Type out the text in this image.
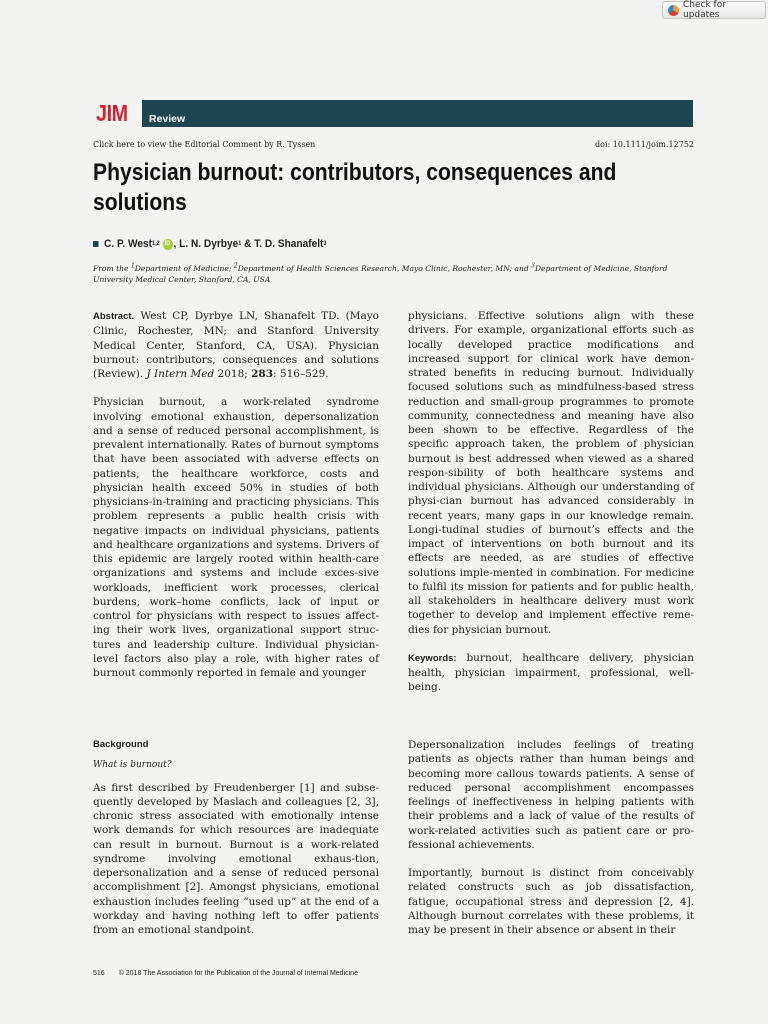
Check for updates
JIM Review
Click here to view the Editorial Comment by R. Tyssen	doi: 10.1111/joim.12752
Physician burnout: contributors, consequences and
solutions
C. P. West 1,2 iD , L. N. Dyrbye 1 & T. D. Shanafelt 3

From the $^1$Department of Medicine; $^2$Department of Health Sciences Research, Mayo Clinic, Rochester, MN; and $^3$Department of Medicine, Stanford University Medical Center, Stanford, CA, USA

Abstract. West CP, Dyrbye LN, Shanafelt TD. (Mayo Clinic, Rochester, MN; and Stanford University Medical Center, Stanford, CA, USA). Physician burnout: contributors, consequences and solutions (Review). J Intern Med 2018; 283: 516–529.

Physician burnout, a work-related syndrome involving emotional exhaustion, depersonalization and a sense of reduced personal accomplishment, is prevalent internationally. Rates of burnout symptoms that have been associated with adverse effects on patients, the healthcare workforce, costs and physician health exceed 50% in studies of both physicians-in-training and practicing physicians. This problem represents a public health crisis with negative impacts on individual physicians, patients and healthcare organizations and systems. Drivers of this epidemic are largely rooted within health-care organizations and systems and include exces-sive workloads, inefficient work processes, clerical burdens, work–home conflicts, lack of input or control for physicians with respect to issues affect-ing their work lives, organizational support struc-tures and leadership culture. Individual physician-level factors also play a role, with higher rates of burnout commonly reported in female and younger

physicians. Effective solutions align with these drivers. For example, organizational efforts such as locally developed practice modifications and increased support for clinical work have demon-strated benefits in reducing burnout. Individually focused solutions such as mindfulness-based stress reduction and small-group programmes to promote community, connectedness and meaning have also been shown to be effective. Regardless of the specific approach taken, the problem of physician burnout is best addressed when viewed as a shared respon-sibility of both healthcare systems and individual physicians. Although our understanding of physi-cian burnout has advanced considerably in recent years, many gaps in our knowledge remain. Longi-tudinal studies of burnout’s effects and the impact of interventions on both burnout and its effects are needed, as are studies of effective solutions imple-mented in combination. For medicine to fulfil its mission for patients and for public health, all stakeholders in healthcare delivery must work together to develop and implement effective reme-dies for physician burnout.

Keywords: burnout, healthcare delivery, physician health, physician impairment, professional, well-being.

Background

What is burnout?

As first described by Freudenberger [1] and subse-quently developed by Maslach and colleagues [2, 3], chronic stress associated with emotionally intense work demands for which resources are inadequate can result in burnout. Burnout is a work-related syndrome involving emotional exhaus-tion, depersonalization and a sense of reduced personal accomplishment [2]. Amongst physicians, emotional exhaustion includes feeling “used up” at the end of a workday and having nothing left to offer patients from an emotional standpoint.

Depersonalization includes feelings of treating patients as objects rather than human beings and becoming more callous towards patients. A sense of reduced personal accomplishment encompasses feelings of ineffectiveness in helping patients with their problems and a lack of value of the results of work-related activities such as patient care or pro-fessional achievements.

Importantly, burnout is distinct from conceivably related constructs such as job dissatisfaction, fatigue, occupational stress and depression [2, 4]. Although burnout correlates with these problems, it may be present in their absence or absent in their

516 © 2018 The Association for the Publication of the Journal of Internal Medicine
